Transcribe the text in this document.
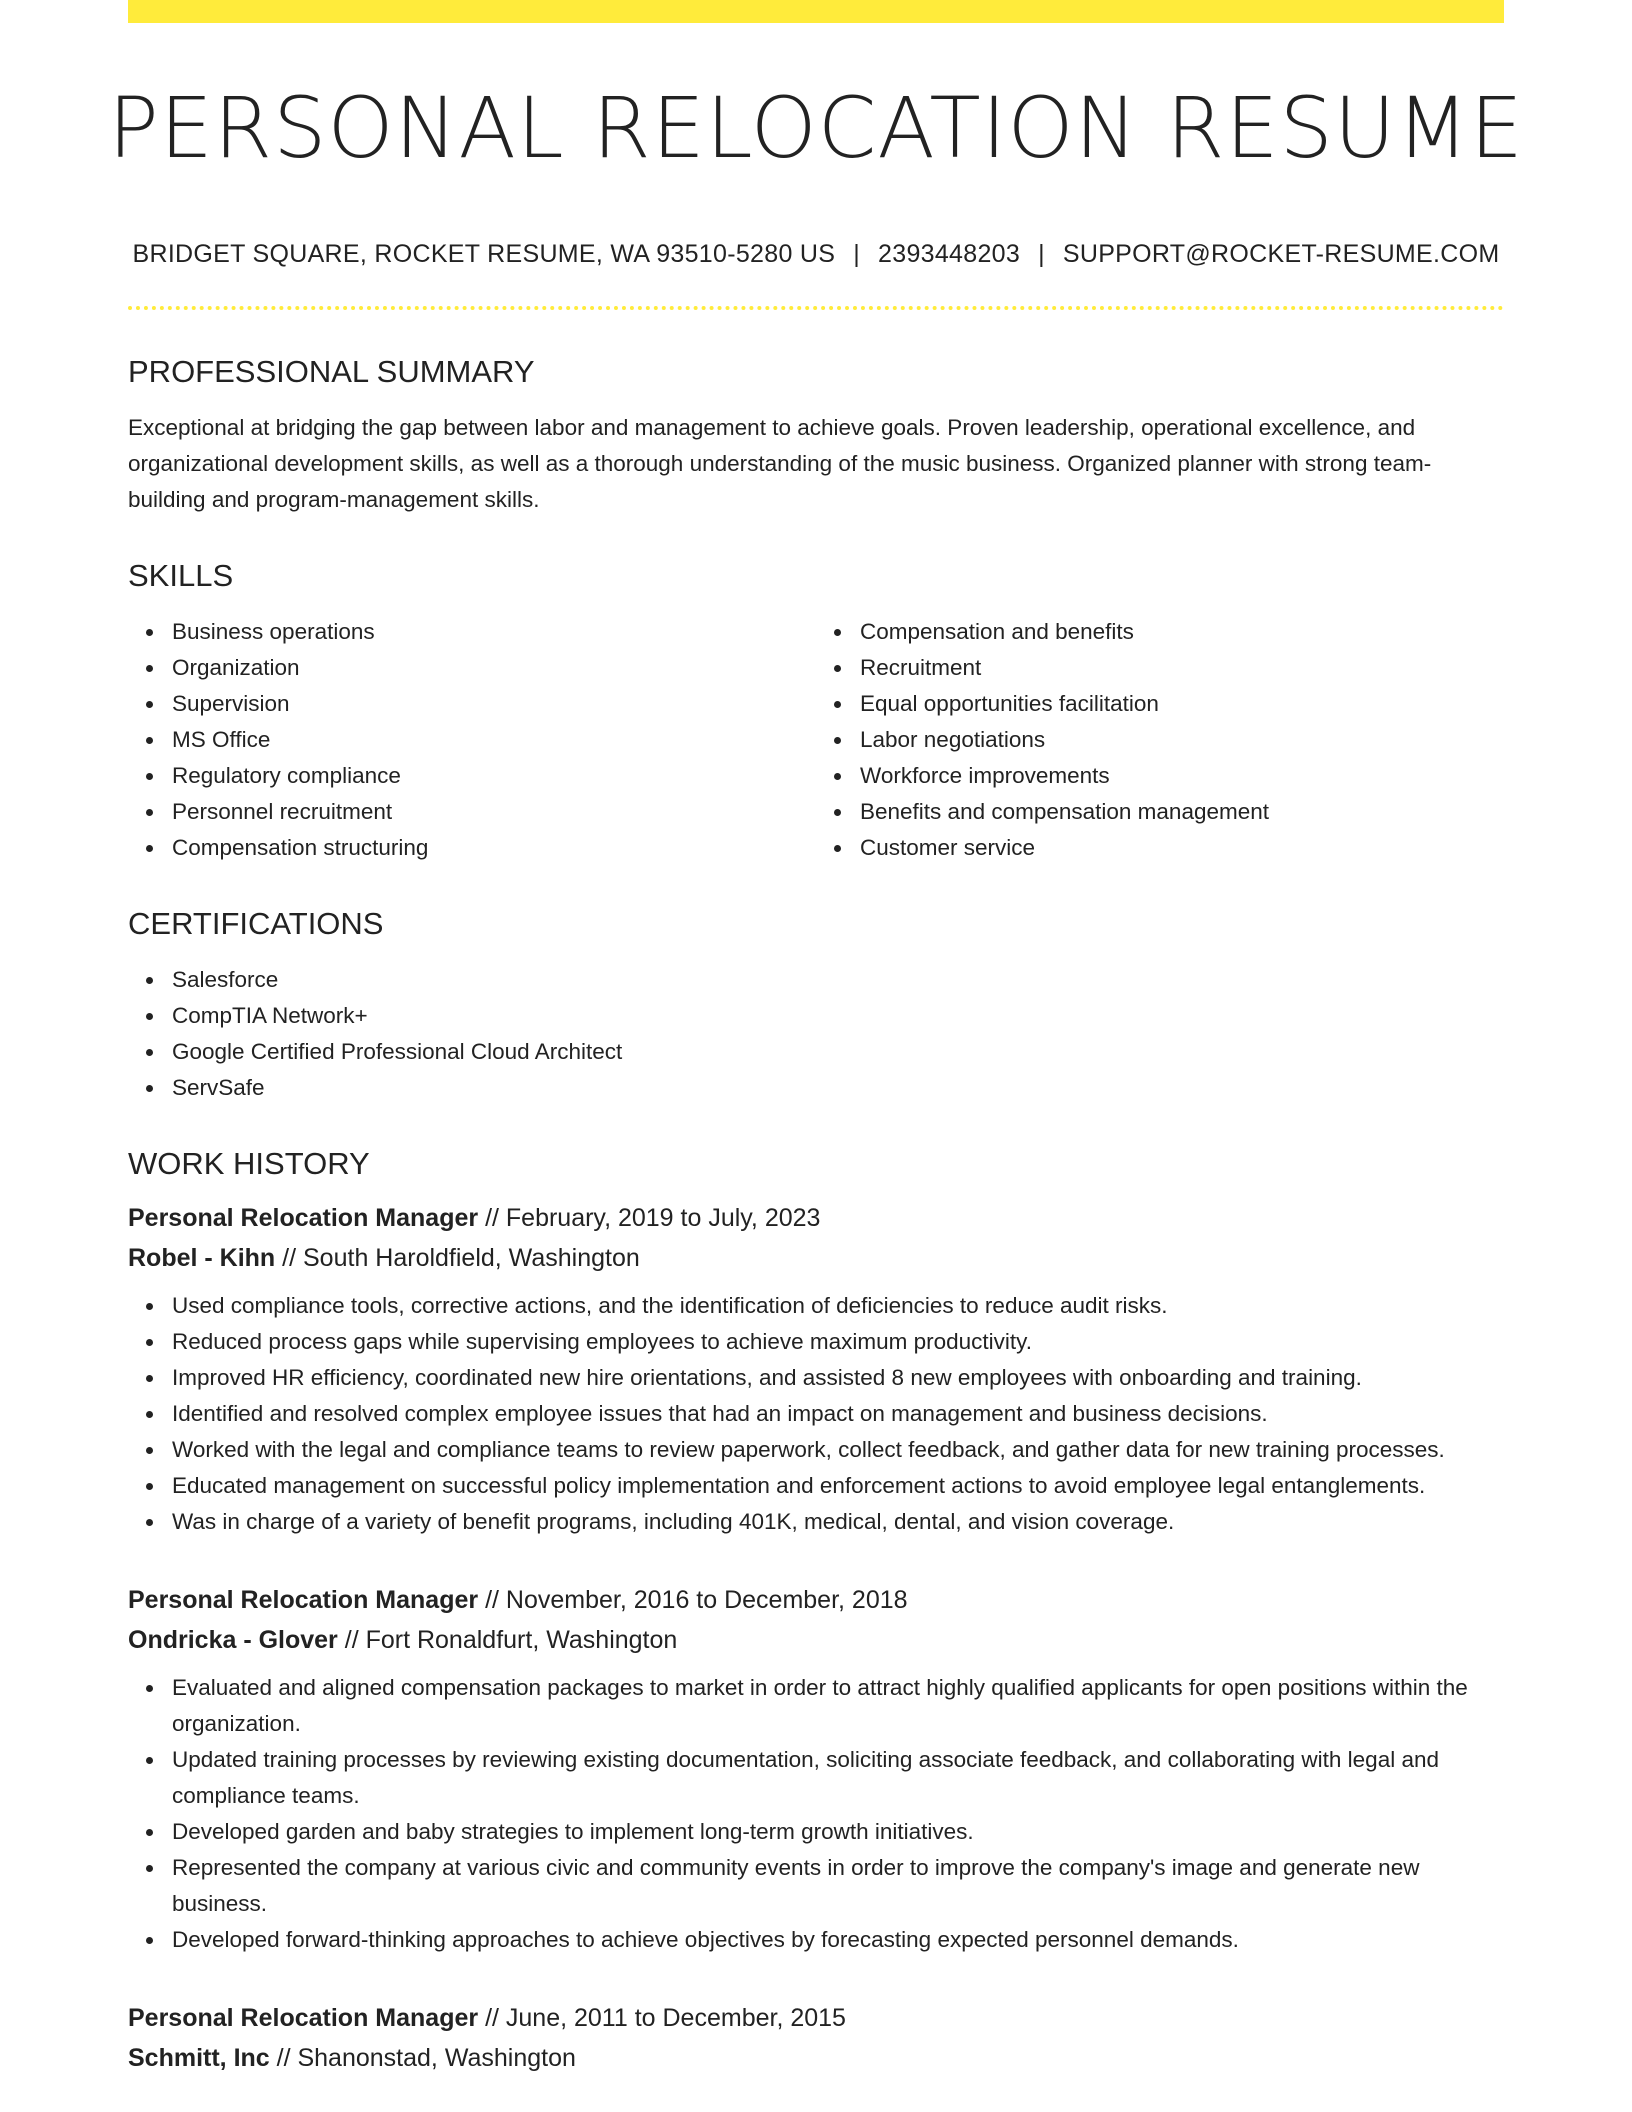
PERSONAL RELOCATION RESUME
BRIDGET SQUARE, ROCKET RESUME, WA 93510-5280 US | 2393448203 | SUPPORT@ROCKET-RESUME.COM
PROFESSIONAL SUMMARY

Exceptional at bridging the gap between labor and management to achieve goals. Proven leadership, operational excellence, and organizational development skills, as well as a thorough understanding of the music business. Organized planner with strong team-building and program-management skills.

SKILLS
Business operations
Organization
Supervision
MS Office
Regulatory compliance
Personnel recruitment
Compensation structuring
Compensation and benefits
Recruitment
Equal opportunities facilitation
Labor negotiations
Workforce improvements
Benefits and compensation management
Customer service
CERTIFICATIONS
Salesforce
CompTIA Network+
Google Certified Professional Cloud Architect
ServSafe
WORK HISTORY
Personal Relocation Manager // February, 2019 to July, 2023
Robel - Kihn // South Haroldfield, Washington
Used compliance tools, corrective actions, and the identification of deficiencies to reduce audit risks.
Reduced process gaps while supervising employees to achieve maximum productivity.
Improved HR efficiency, coordinated new hire orientations, and assisted 8 new employees with onboarding and training.
Identified and resolved complex employee issues that had an impact on management and business decisions.
Worked with the legal and compliance teams to review paperwork, collect feedback, and gather data for new training processes.
Educated management on successful policy implementation and enforcement actions to avoid employee legal entanglements.
Was in charge of a variety of benefit programs, including 401K, medical, dental, and vision coverage.
Personal Relocation Manager // November, 2016 to December, 2018
Ondricka - Glover // Fort Ronaldfurt, Washington
Evaluated and aligned compensation packages to market in order to attract highly qualified applicants for open positions within the organization.
Updated training processes by reviewing existing documentation, soliciting associate feedback, and collaborating with legal and compliance teams.
Developed garden and baby strategies to implement long-term growth initiatives.
Represented the company at various civic and community events in order to improve the company's image and generate new business.
Developed forward-thinking approaches to achieve objectives by forecasting expected personnel demands.
Personal Relocation Manager // June, 2011 to December, 2015
Schmitt, Inc // Shanonstad, Washington
